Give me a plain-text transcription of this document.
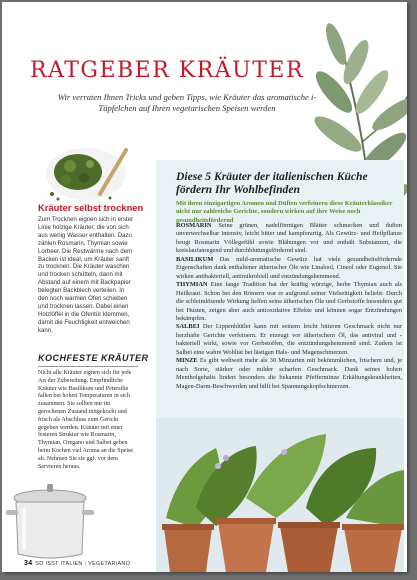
RATGEBER KRÄUTER

Wir verraten Ihnen Tricks und geben Tipps, wie Kräuter das aromatische i-Tüpfelchen auf Ihren vegetarischen Speisen werden

Kräuter selbst trocknen

Zum Trocknen eignen sich in erster Linie holzige Kräuter, die von sich aus wenig Wasser enthalten. Dazu zählen Rosmarin, Thymian sowie Lorbeer. Die Restwärme nach dem Backen ist ideal, um Kräuter sanft zu trocknen. Die Kräuter waschen und trocken schütteln, dann mit Abstand auf einem mit Backpapier belegten Backblech verteilen. In den noch warmen Ofen schieben und trocknen lassen. Dabei einen Holzlöffel in die Ofentür klemmen, damit die Feuchtigkeit entweichen kann.

Diese 5 Kräuter der italienischen Küche fördern Ihr Wohlbefinden

Mit ihren einzigartigen Aromen und Düften verfeinern diese Kräuterklassiker nicht nur zahlreiche Gerichte, sondern wirken auf ihre Weise noch gesundheitsfördernd

ROSMARIN Seine grünen, nadelförmigen Blätter schmecken und duften unverwechselbar intensiv, leicht bitter und kampferartig. Als Gewürz- und Heilpflanze beugt Rosmarin Völlegefühl sowie Blähungen vor und enthält Substanzen, die kreislaufanregend und durchblutungsfördernd sind.
BASILIKUM Das mild-aromatische Gewürz hat viele gesundheitsfördernde Eigenschaften dank enthaltener ätherischer Öle wie Linalool, Cineol oder Eugenol. Sie wirken antibakteriell, antimikrobiell und entzündungshemmend.
THYMIAN Eine lange Tradition hat der kräftig würzige, herbe Thymian auch als Heilkraut. Schon bei den Römern war er aufgrund seiner Vielseitigkeit beliebt: Durch die schleimlösende Wirkung helfen seine ätherischen Öle und Gerbstoffe besonders gut bei Husten, zeigen aber auch antioxidative Effekte und können sogar Entzündungen bekämpfen.
SALBEI Der Lippenblütler kann mit seinem leicht bitteren Geschmack nicht nur herzhafte Gerichte verfeinern. Er erzeugt vor ätherischem Öl, das antiviral und -bakteriell wirkt, sowie vor Gerbstoffen, die entzündungshemmend sind. Zudem ist Salbei eine wahre Wohltat bei lästigen Hals- und Magenschmerzen.
MINZE Es gibt weltweit mehr als 30 Minzarten mit bekömmlichen, frischem und, je nach Sorte, stärker oder milder scharfen Geschmack. Dank seines hohen Mentholgehalts lindert besonders die bekannte Pfefferminze Erkältungskrankheiten, Magen-Darm-Beschwerden und hilft bei Spannungskopfschmerzen.

KOCHFESTE KRÄUTER

Nicht alle Kräuter eignen sich für jede Art der Zubereitung. Empfindliche Kräuter wie Basilikum und Petersilie fallen bei hohen Temperaturen in sich zusammen. Sie sollten nur im gerochenen Zustand mitgekocht und frisch als Abschluss zum Gericht gegeben werden. Kräuter mit einer festeren Struktur wie Rosmarin, Thymian, Oregano und Salbei geben beim Kochen viel Aroma an die Speise ab. Nehmen Sie sie ggf. vor dem Servieren heraus.

34 SO ISST ITALIEN | VEGETARIANO
